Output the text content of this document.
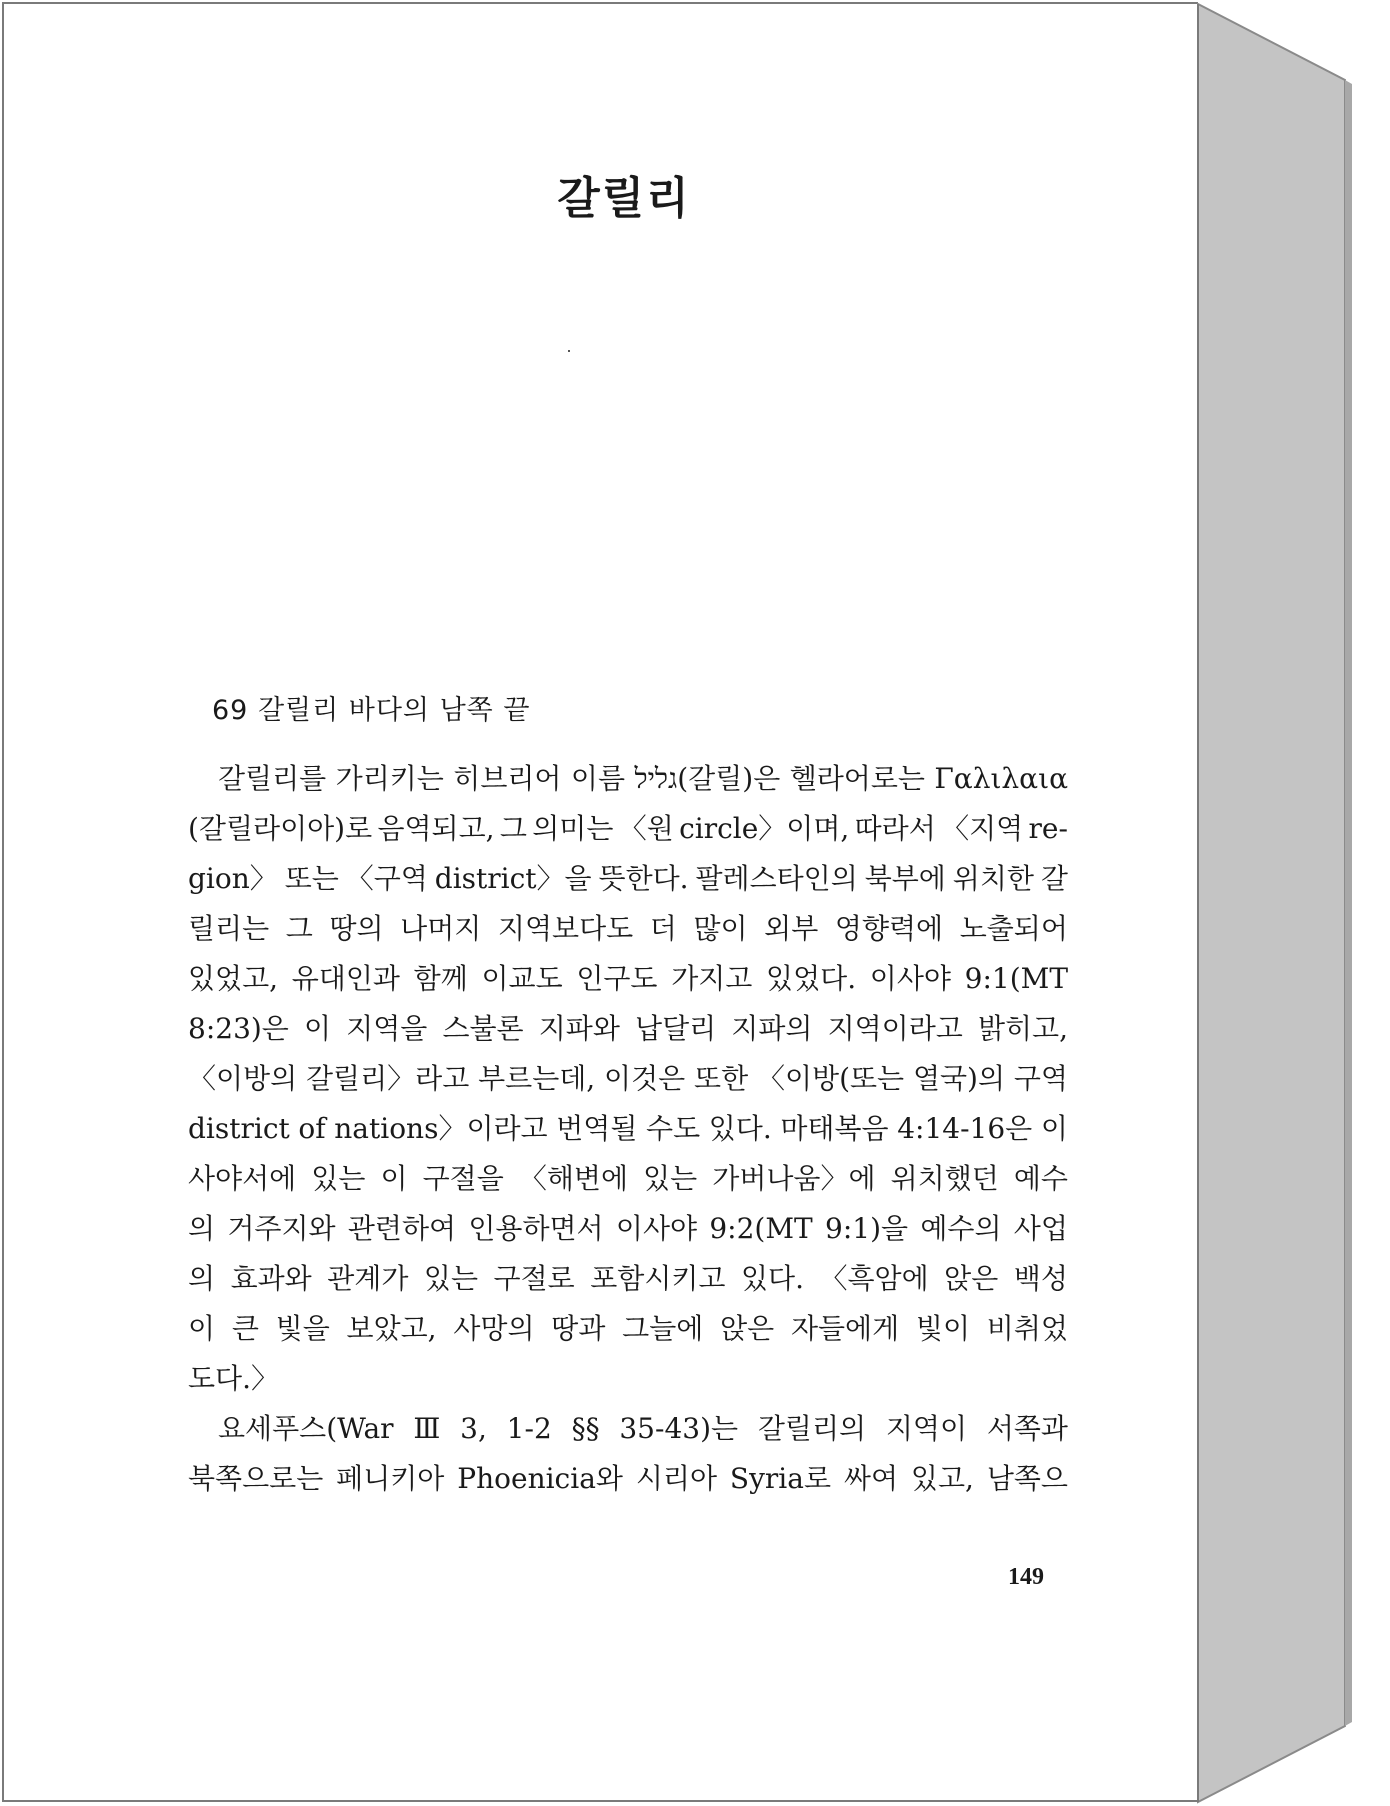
갈릴리
69 갈릴리 바다의 남쪽 끝
갈릴리를 가리키는 히브리어 이름 גליל(갈릴)은 헬라어로는 Γαλιλαια
(갈릴라이아)로 음역되고, 그 의미는 〈원 circle〉이며, 따라서 〈지역 re-
gion〉 또는 〈구역 district〉을 뜻한다. 팔레스타인의 북부에 위치한 갈
릴리는 그 땅의 나머지 지역보다도 더 많이 외부 영향력에 노출되어
있었고, 유대인과 함께 이교도 인구도 가지고 있었다. 이사야 9:1(MT
8:23)은 이 지역을 스불론 지파와 납달리 지파의 지역이라고 밝히고,
〈이방의 갈릴리〉라고 부르는데, 이것은 또한 〈이방(또는 열국)의 구역
district of nations〉이라고 번역될 수도 있다. 마태복음 4:14-16은 이
사야서에 있는 이 구절을 〈해변에 있는 가버나움〉에 위치했던 예수
의 거주지와 관련하여 인용하면서 이사야 9:2(MT 9:1)을 예수의 사업
의 효과와 관계가 있는 구절로 포함시키고 있다. 〈흑암에 앉은 백성
이 큰 빛을 보았고, 사망의 땅과 그늘에 앉은 자들에게 빛이 비취었
도다.〉
요세푸스(War Ⅲ 3, 1-2 §§ 35-43)는 갈릴리의 지역이 서쪽과
북쪽으로는 페니키아 Phoenicia와 시리아 Syria로 싸여 있고, 남쪽으
149
